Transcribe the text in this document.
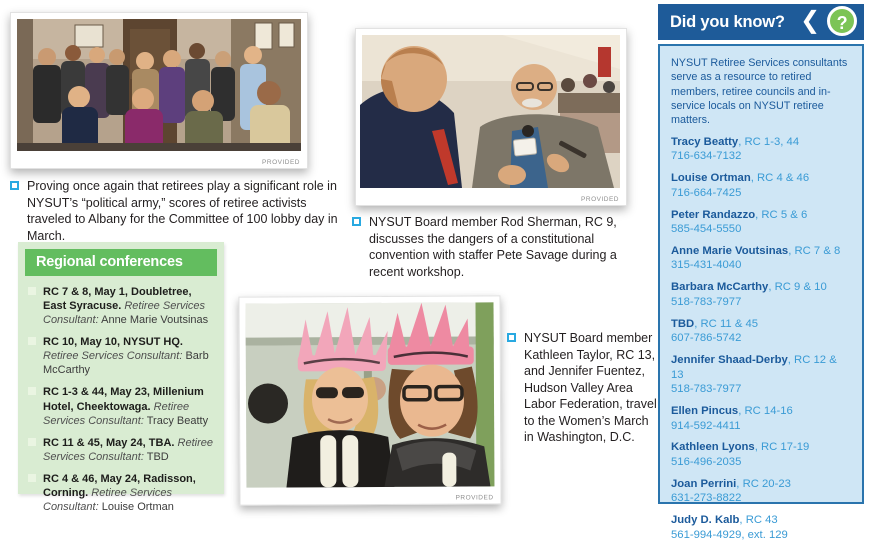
PROVIDED

Proving once again that retirees play a significant role in NYSUT’s “political army,” scores of retiree activists traveled to Albany for the Committee of 100 lobby day in March.

Regional conferences
RC 7 & 8, May 1, Doubletree, East Syracuse. Retiree Services Consultant: Anne Marie Voutsinas
RC 10, May 10, NYSUT HQ. Retiree Services Consultant: Barb McCarthy
RC 1-3 & 44, May 23, Millenium Hotel, Cheektowaga. Retiree Services Consultant: Tracy Beatty
RC 11 & 45, May 24, TBA. Retiree Services Consultant: TBD
RC 4 & 46, May 24, Radisson, Corning. Retiree Services Consultant: Louise Ortman
PROVIDED

NYSUT Board member Rod Sherman, RC 9, discusses the dangers of a constitutional convention with staffer Pete Savage during a recent workshop.

PROVIDED

NYSUT Board member Kathleen Taylor, RC 13, and Jennifer Fuentez, Hudson Valley Area Labor Federation, travel to the Women’s March in Washington, D.C.

Did you know? ❮ ?

NYSUT Retiree Services consultants serve as a resource to retired members, retiree councils and in-service locals on NYSUT retiree matters.

Tracy Beatty, RC 1-3, 44
716-634-7132
Louise Ortman, RC 4 & 46
716-664-7425
Peter Randazzo, RC 5 & 6
585-454-5550
Anne Marie Voutsinas, RC 7 & 8
315-431-4040
Barbara McCarthy, RC 9 & 10
518-783-7977
TBD, RC 11 & 45
607-786-5742
Jennifer Shaad-Derby, RC 12 & 13
518-783-7977
Ellen Pincus, RC 14-16
914-592-4411
Kathleen Lyons, RC 17-19
516-496-2035
Joan Perrini, RC 20-23
631-273-8822
Judy D. Kalb, RC 43
561-994-4929, ext. 129
